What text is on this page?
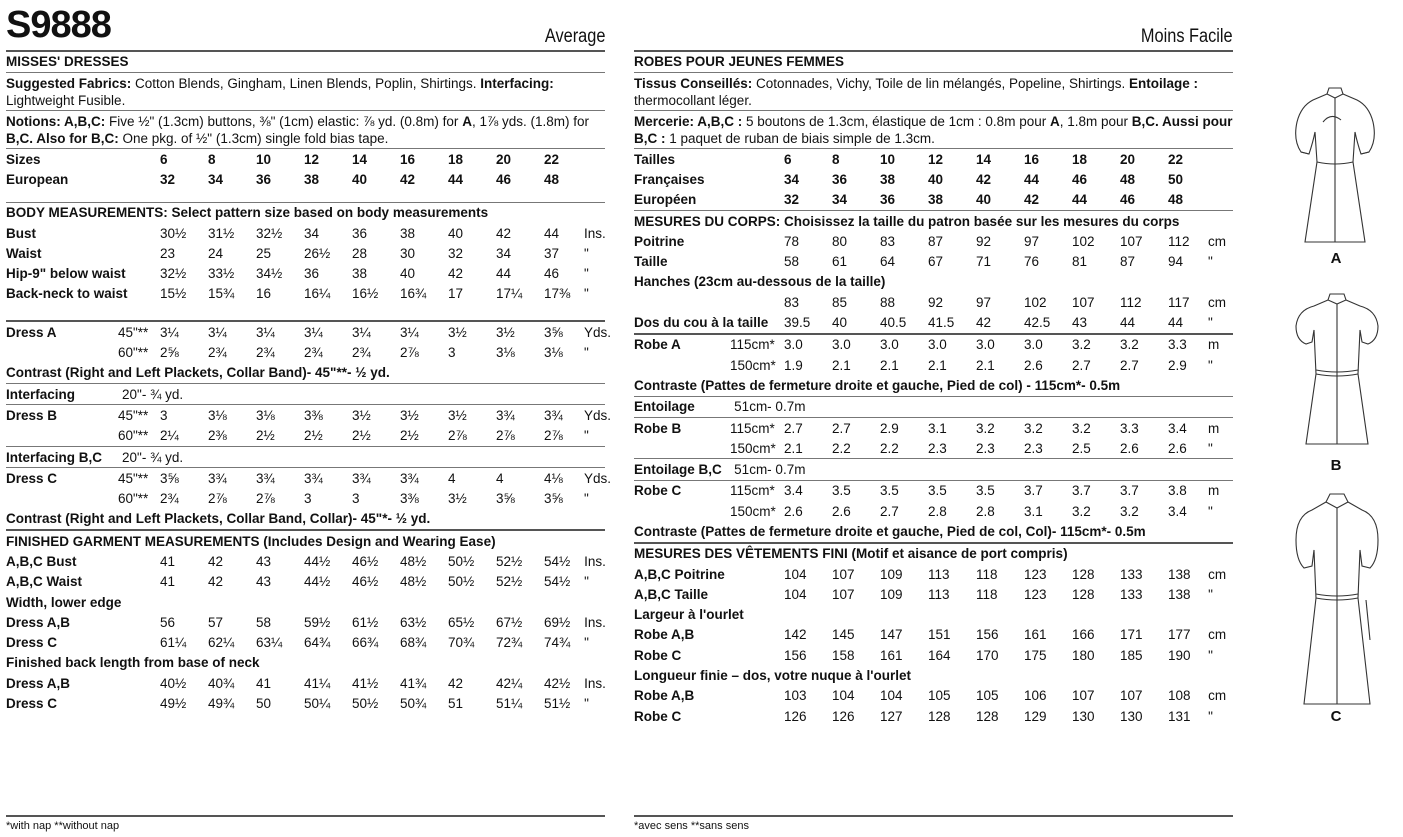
S9888	Average
MISSES' DRESSES
Suggested Fabrics: Cotton Blends, Gingham, Linen Blends, Poplin, Shirtings. Interfacing: Lightweight Fusible.
Notions: A,B,C: Five ½" (1.3cm) buttons, ⅜" (1cm) elastic: ⅞ yd. (0.8m) for A, 1⅞ yds. (1.8m) for B,C. Also for B,C: One pkg. of ½" (1.3cm) single fold bias tape.
Sizes	6	8	10	12	14	16	18	20	22	
European	32	34	36	38	40	42	44	46	48	

BODY MEASUREMENTS: Select pattern size based on body measurements										
Bust	30½	31½	32½	34	36	38	40	42	44	Ins.
Waist	23	24	25	26½	28	30	32	34	37	"
Hip-9" below waist	32½	33½	34½	36	38	40	42	44	46	"
Back-neck to waist	15½	15¾	16	16¼	16½	16¾	17	17¼	17⅜	"

Dress A	45"**	3¼	3¼	3¼	3¼	3¼	3¼	3½	3½	3⅝	Yds.
	60"**	2⅝	2¾	2¾	2¾	2¾	2⅞	3	3⅛	3⅛	"
Contrast (Right and Left Plackets, Collar Band)- 45"**- ½ yd.											
Interfacing	20"- ¾ yd.
Dress B	45"**	3	3⅛	3⅛	3⅜	3½	3½	3½	3¾	3¾	Yds.
	60"**	2¼	2⅜	2½	2½	2½	2½	2⅞	2⅞	2⅞	"
Interfacing B,C	20"- ¾ yd.
Dress C	45"**	3⅝	3¾	3¾	3¾	3¾	3¾	4	4	4⅛	Yds.
	60"**	2¾	2⅞	2⅞	3	3	3⅜	3½	3⅝	3⅝	"
Contrast (Right and Left Plackets, Collar Band, Collar)- 45"*- ½ yd.											
FINISHED GARMENT MEASUREMENTS (Includes Design and Wearing Ease)										
A,B,C Bust	41	42	43	44½	46½	48½	50½	52½	54½	Ins.
A,B,C Waist	41	42	43	44½	46½	48½	50½	52½	54½	"
Width, lower edge										
Dress A,B	56	57	58	59½	61½	63½	65½	67½	69½	Ins.
Dress C	61¼	62¼	63¼	64¾	66¾	68¾	70¾	72¾	74¾	"
Finished back length from base of neck										
Dress A,B	40½	40¾	41	41¼	41½	41¾	42	42¼	42½	Ins.
Dress C	49½	49¾	50	50¼	50½	50¾	51	51¼	51½	"
Moins Facile
ROBES POUR JEUNES FEMMES
Tissus Conseillés: Cotonnades, Vichy, Toile de lin mélangés, Popeline, Shirtings. Entoilage : thermocollant léger.
Mercerie: A,B,C : 5 boutons de 1.3cm, élastique de 1cm : 0.8m pour A, 1.8m pour B,C. Aussi pour B,C : 1 paquet de ruban de biais simple de 1.3cm.
Tailles	6	8	10	12	14	16	18	20	22	
Françaises	34	36	38	40	42	44	46	48	50	
Européen	32	34	36	38	40	42	44	46	48	
MESURES DU CORPS: Choisissez la taille du patron basée sur les mesures du corps										
Poitrine	78	80	83	87	92	97	102	107	112	cm
Taille	58	61	64	67	71	76	81	87	94	"
Hanches (23cm au-dessous de la taille)										
	83	85	88	92	97	102	107	112	117	cm
Dos du cou à la taille	39.5	40	40.5	41.5	42	42.5	43	44	44	"
Robe A	115cm*	3.0	3.0	3.0	3.0	3.0	3.0	3.2	3.2	3.3	m
	150cm*	1.9	2.1	2.1	2.1	2.1	2.6	2.7	2.7	2.9	"
Contraste (Pattes de fermeture droite et gauche, Pied de col) - 115cm*- 0.5m											
Entoilage	51cm- 0.7m
Robe B	115cm*	2.7	2.7	2.9	3.1	3.2	3.2	3.2	3.3	3.4	m
	150cm*	2.1	2.2	2.2	2.3	2.3	2.3	2.5	2.6	2.6	"
Entoilage B,C	51cm- 0.7m
Robe C	115cm*	3.4	3.5	3.5	3.5	3.5	3.7	3.7	3.7	3.8	m
	150cm*	2.6	2.6	2.7	2.8	2.8	3.1	3.2	3.2	3.4	"
Contraste (Pattes de fermeture droite et gauche, Pied de col, Col)- 115cm*- 0.5m											
MESURES DES VÊTEMENTS FINI (Motif et aisance de port compris)										
A,B,C Poitrine	104	107	109	113	118	123	128	133	138	cm
A,B,C Taille	104	107	109	113	118	123	128	133	138	"
Largeur à l'ourlet										
Robe A,B	142	145	147	151	156	161	166	171	177	cm
Robe C	156	158	161	164	170	175	180	185	190	"
Longueur finie – dos, votre nuque à l'ourlet										
Robe A,B	103	104	104	105	105	106	107	107	108	cm
Robe C	126	126	127	128	128	129	130	130	131	"
*with nap **without nap	*avec sens **sans sens
A
B
C
